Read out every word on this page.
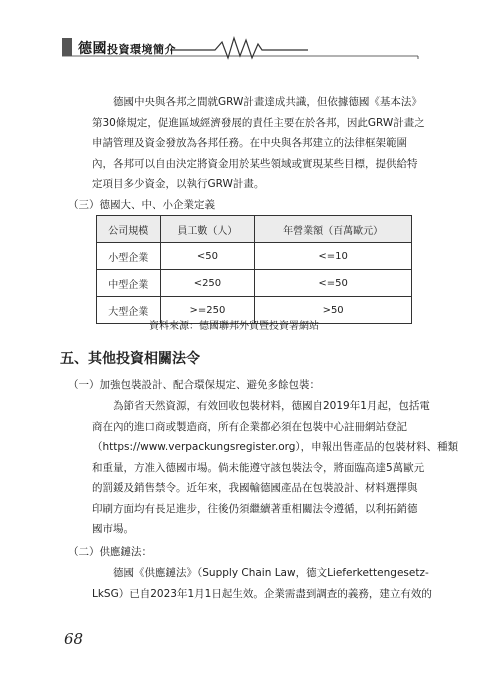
德國投資環境簡介
德國中央與各邦之間就GRW計畫達成共識，但依據德國《基本法》
第30條規定，促進區域經濟發展的責任主要在於各邦，因此GRW計畫之
申請管理及資金發放為各邦任務。在中央與各邦建立的法律框架範圍
內，各邦可以自由決定將資金用於某些領域或實現某些目標，提供給特
定項目多少資金，以執行GRW計畫。
（三）德國大、中、小企業定義
公司規模	員工數（人）	年營業額（百萬歐元）
小型企業	<50	<=10
中型企業	<250	<=50
大型企業	>=250	>50
資料來源：德國聯邦外貿暨投資署網站
五、其他投資相關法令
（一）加強包裝設計、配合環保規定、避免多餘包裝：
為節省天然資源，有效回收包裝材料，德國自2019年1月起，包括電
商在內的進口商或製造商，所有企業都必須在包裝中心註冊網站登記
（https://www.verpackungsregister.org），申報出售產品的包裝材料、種類
和重量，方准入德國市場。倘未能遵守該包裝法令，將面臨高達5萬歐元
的罰鍰及銷售禁令。近年來，我國輸德國產品在包裝設計、材料選擇與
印刷方面均有長足進步，往後仍須繼續著重相關法令遵循，以利拓銷德
國市場。
（二）供應鏈法：
德國《供應鏈法》（Supply Chain Law，德文Lieferkettengesetz-
LkSG）已自2023年1月1日起生效。企業需盡到調查的義務，建立有效的
68
